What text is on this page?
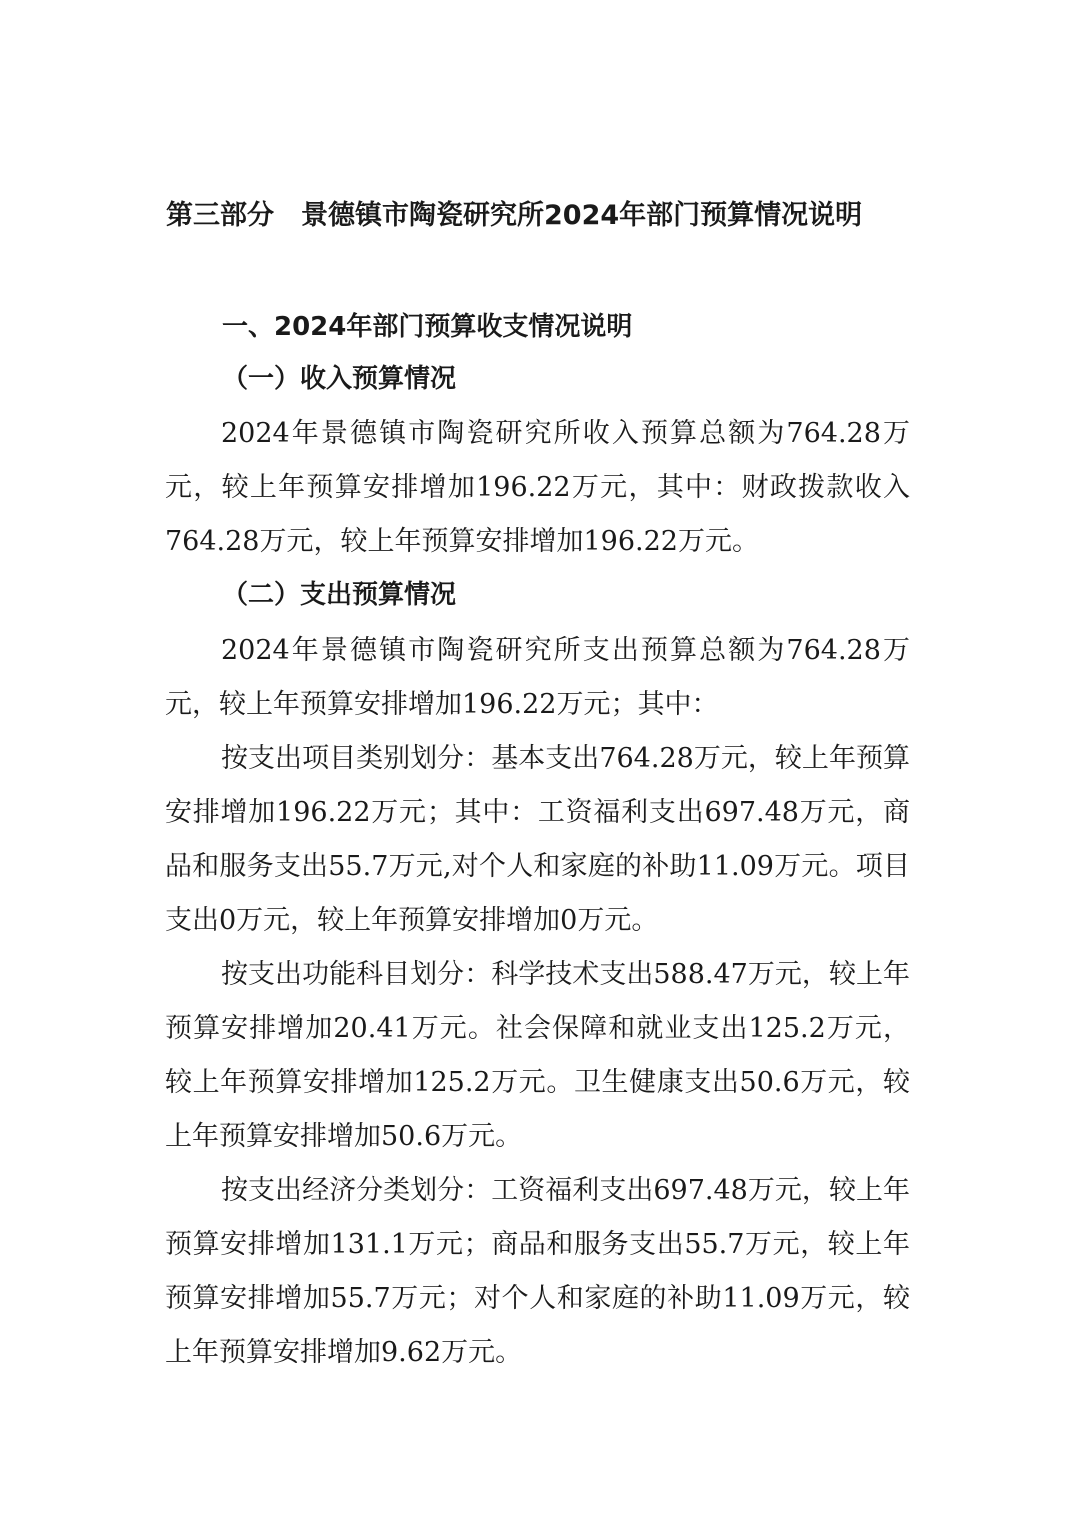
第三部分　景德镇市陶瓷研究所2024年部门预算情况说明
一、2024年部门预算收支情况说明
（一）收入预算情况

2024年景德镇市陶瓷研究所收入预算总额为764.28万元，较上年预算安排增加196.22万元，其中：财政拨款收入764.28万元，较上年预算安排增加196.22万元。

（二）支出预算情况

2024年景德镇市陶瓷研究所支出预算总额为764.28万元，较上年预算安排增加196.22万元；其中：

按支出项目类别划分：基本支出764.28万元，较上年预算安排增加196.22万元；其中：工资福利支出697.48万元，商品和服务支出55.7万元,对个人和家庭的补助11.09万元。项目支出0万元，较上年预算安排增加0万元。

按支出功能科目划分：科学技术支出588.47万元，较上年预算安排增加20.41万元。社会保障和就业支出125.2万元，较上年预算安排增加125.2万元。卫生健康支出50.6万元，较上年预算安排增加50.6万元。

按支出经济分类划分：工资福利支出697.48万元，较上年预算安排增加131.1万元；商品和服务支出55.7万元，较上年预算安排增加55.7万元；对个人和家庭的补助11.09万元，较上年预算安排增加9.62万元。
